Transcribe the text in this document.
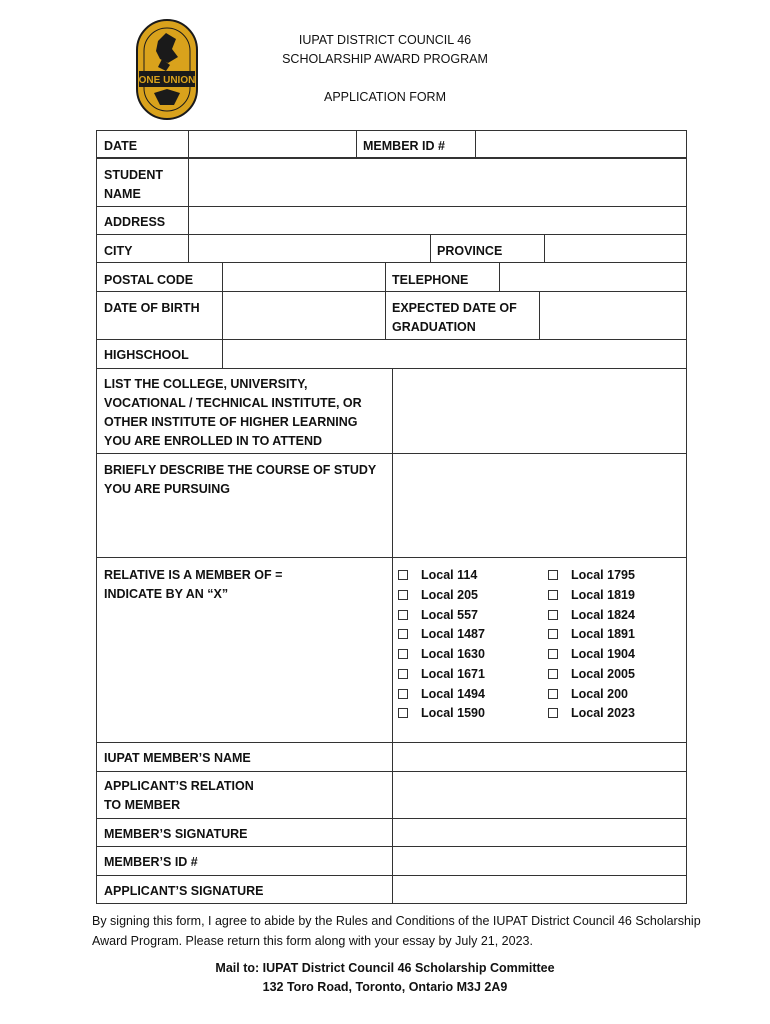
ONE UNION
IUPAT DISTRICT COUNCIL 46
SCHOLARSHIP AWARD PROGRAM
APPLICATION FORM
DATE	MEMBER ID #
STUDENT
NAME
ADDRESS
CITY	PROVINCE
POSTAL CODE	TELEPHONE
DATE OF BIRTH	EXPECTED DATE OF
GRADUATION
HIGHSCHOOL
LIST THE COLLEGE, UNIVERSITY,
VOCATIONAL / TECHNICAL INSTITUTE, OR
OTHER INSTITUTE OF HIGHER LEARNING
YOU ARE ENROLLED IN TO ATTEND
BRIEFLY DESCRIBE THE COURSE OF STUDY
YOU ARE PURSUING
RELATIVE IS A MEMBER OF =
INDICATE BY AN “X”
Local 114
Local 205
Local 557
Local 1487
Local 1630
Local 1671
Local 1494
Local 1590
Local 1795
Local 1819
Local 1824
Local 1891
Local 1904
Local 2005
Local 200
Local 2023
IUPAT MEMBER’S NAME
APPLICANT’S RELATION
TO MEMBER
MEMBER’S SIGNATURE
MEMBER’S ID #
APPLICANT’S SIGNATURE
By signing this form, I agree to abide by the Rules and Conditions of the IUPAT District Council 46 Scholarship Award Program. Please return this form along with your essay by July 21, 2023.
Mail to: IUPAT District Council 46 Scholarship Committee
132 Toro Road, Toronto, Ontario M3J 2A9
